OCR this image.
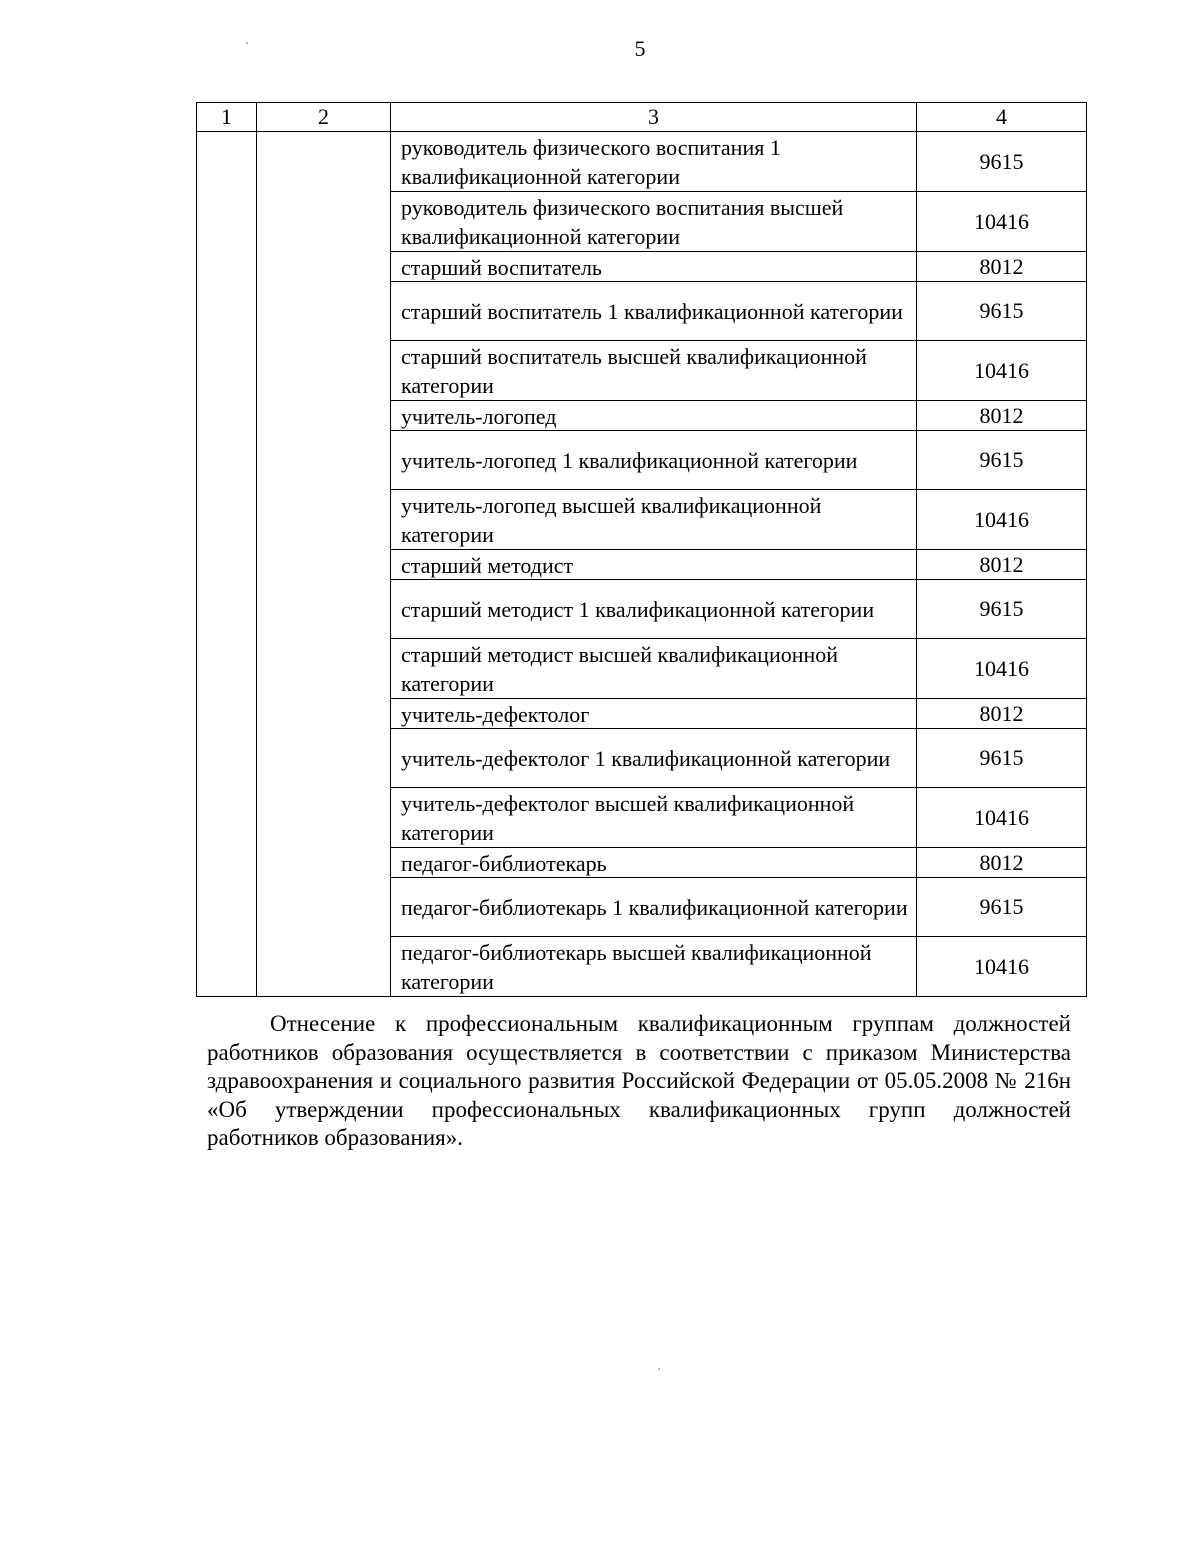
5
1	2	3	4
		руководитель физического воспитания 1 квалификационной категории	9615
		руководитель физического воспитания высшей квалификационной категории	10416
		старший воспитатель	8012
		старший воспитатель 1 квалификационной категории	9615
		старший воспитатель высшей квалификационной категории	10416
		учитель-логопед	8012
		учитель-логопед 1 квалификационной категории	9615
		учитель-логопед высшей квалификационной категории	10416
		старший методист	8012
		старший методист 1 квалификационной категории	9615
		старший методист высшей квалификационной категории	10416
		учитель-дефектолог	8012
		учитель-дефектолог 1 квалификационной категории	9615
		учитель-дефектолог высшей квалификационной категории	10416
		педагог-библиотекарь	8012
		педагог-библиотекарь 1 квалификационной категории	9615
		педагог-библиотекарь высшей квалификационной категории	10416
Отнесение к профессиональным квалификационным группам должностей работников образования осуществляется в соответствии с приказом Министерства здравоохранения и социального развития Российской Федерации от 05.05.2008 № 216н «Об утверждении профессиональных квалификационных групп должностей работников образования».
